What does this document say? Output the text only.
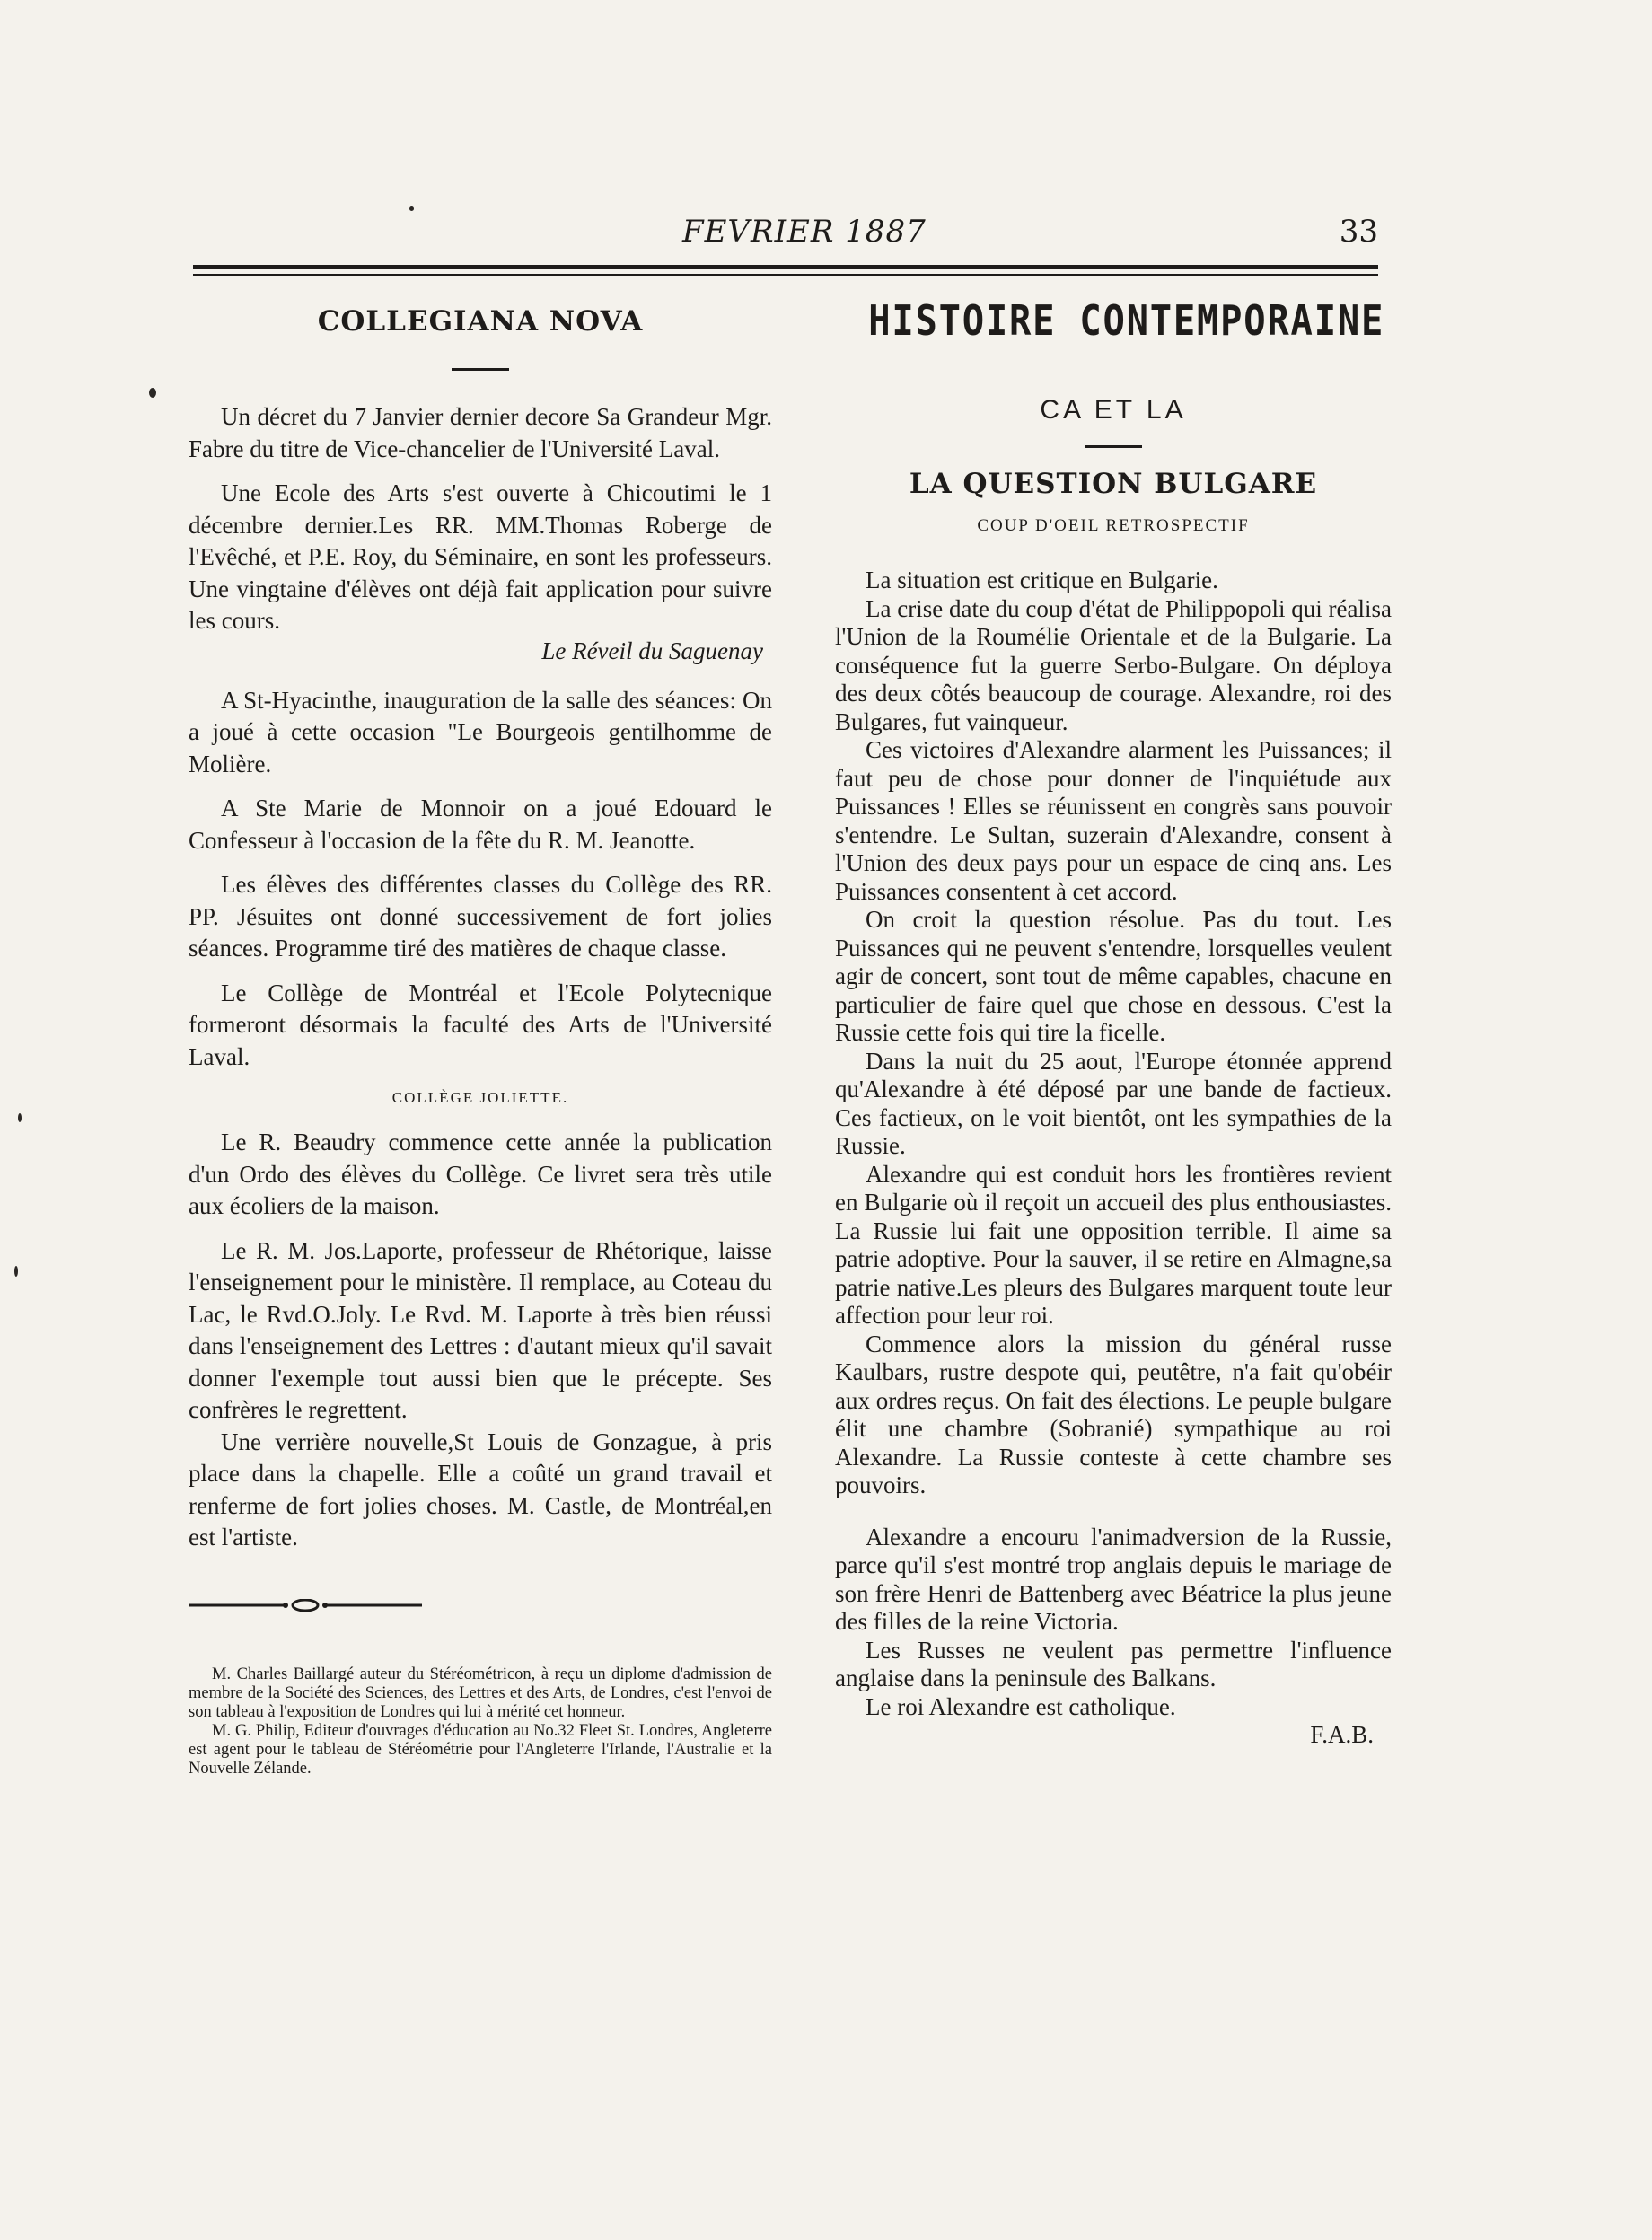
FEVRIER 1887	33
COLLEGIANA NOVA

Un décret du 7 Janvier dernier decore Sa Grandeur Mgr. Fabre du titre de Vice-chancelier de l'Université Laval.

Une Ecole des Arts s'est ouverte à Chicoutimi le 1 décembre dernier.Les RR. MM.Thomas Roberge de l'Evêché, et P.E. Roy, du Séminaire, en sont les professeurs. Une vingtaine d'élèves ont déjà fait application pour suivre les cours.

Le Réveil du Saguenay

A St-Hyacinthe, inauguration de la salle des séances: On a joué à cette occasion "Le Bourgeois gentilhomme de Molière.

A Ste Marie de Monnoir on a joué Edouard le Confesseur à l'occasion de la fête du R. M. Jeanotte.

Les élèves des différentes classes du Collège des RR. PP. Jésuites ont donné successivement de fort jolies séances. Programme tiré des matières de chaque classe.

Le Collège de Montréal et l'Ecole Polytecnique formeront désormais la faculté des Arts de l'Université Laval.

COLLÈGE JOLIETTE.

Le R. Beaudry commence cette année la publication d'un Ordo des élèves du Collège. Ce livret sera très utile aux écoliers de la maison.

Le R. M. Jos.Laporte, professeur de Rhétorique, laisse l'enseignement pour le ministère. Il remplace, au Coteau du Lac, le Rvd.O.Joly. Le Rvd. M. Laporte à très bien réussi dans l'enseignement des Lettres : d'autant mieux qu'il savait donner l'exemple tout aussi bien que le précepte. Ses confrères le regrettent.

Une verrière nouvelle,St Louis de Gonzague, à pris place dans la chapelle. Elle a coûté un grand travail et renferme de fort jolies choses. M. Castle, de Montréal,en est l'artiste.

M. Charles Baillargé auteur du Stéréométricon, à reçu un diplome d'admission de membre de la Société des Sciences, des Lettres et des Arts, de Londres, c'est l'envoi de son tableau à l'exposition de Londres qui lui à mérité cet honneur.

M. G. Philip, Editeur d'ouvrages d'éducation au No.32 Fleet St. Londres, Angleterre est agent pour le tableau de Stéréométrie pour l'Angleterre l'Irlande, l'Australie et la Nouvelle Zélande.

HISTOIRE CONTEMPORAINE

CA ET LA

LA QUESTION BULGARE

COUP D'OEIL RETROSPECTIF

La situation est critique en Bulgarie.

La crise date du coup d'état de Philippopoli qui réalisa l'Union de la Roumélie Orientale et de la Bulgarie. La conséquence fut la guerre Serbo-Bulgare. On déploya des deux côtés beaucoup de courage. Alexandre, roi des Bulgares, fut vainqueur.

Ces victoires d'Alexandre alarment les Puissances; il faut peu de chose pour donner de l'inquiétude aux Puissances ! Elles se réunissent en congrès sans pouvoir s'entendre. Le Sultan, suzerain d'Alexandre, consent à l'Union des deux pays pour un espace de cinq ans. Les Puissances consentent à cet accord.

On croit la question résolue. Pas du tout. Les Puissances qui ne peuvent s'entendre, lorsquelles veulent agir de concert, sont tout de même capables, chacune en particulier de faire quel que chose en dessous. C'est la Russie cette fois qui tire la ficelle.

Dans la nuit du 25 aout, l'Europe étonnée apprend qu'Alexandre à été déposé par une bande de factieux. Ces factieux, on le voit bientôt, ont les sympathies de la Russie.

Alexandre qui est conduit hors les frontières revient en Bulgarie où il reçoit un accueil des plus enthousiastes. La Russie lui fait une opposition terrible. Il aime sa patrie adoptive. Pour la sauver, il se retire en Almagne,sa patrie native.Les pleurs des Bulgares marquent toute leur affection pour leur roi.

Commence alors la mission du général russe Kaulbars, rustre despote qui, peutêtre, n'a fait qu'obéir aux ordres reçus. On fait des élections. Le peuple bulgare élit une chambre (Sobranié) sympathique au roi Alexandre. La Russie conteste à cette chambre ses pouvoirs.

Alexandre a encouru l'animadversion de la Russie, parce qu'il s'est montré trop anglais depuis le mariage de son frère Henri de Battenberg avec Béatrice la plus jeune des filles de la reine Victoria.

Les Russes ne veulent pas permettre l'influence anglaise dans la peninsule des Balkans.

Le roi Alexandre est catholique.

F.A.B.
